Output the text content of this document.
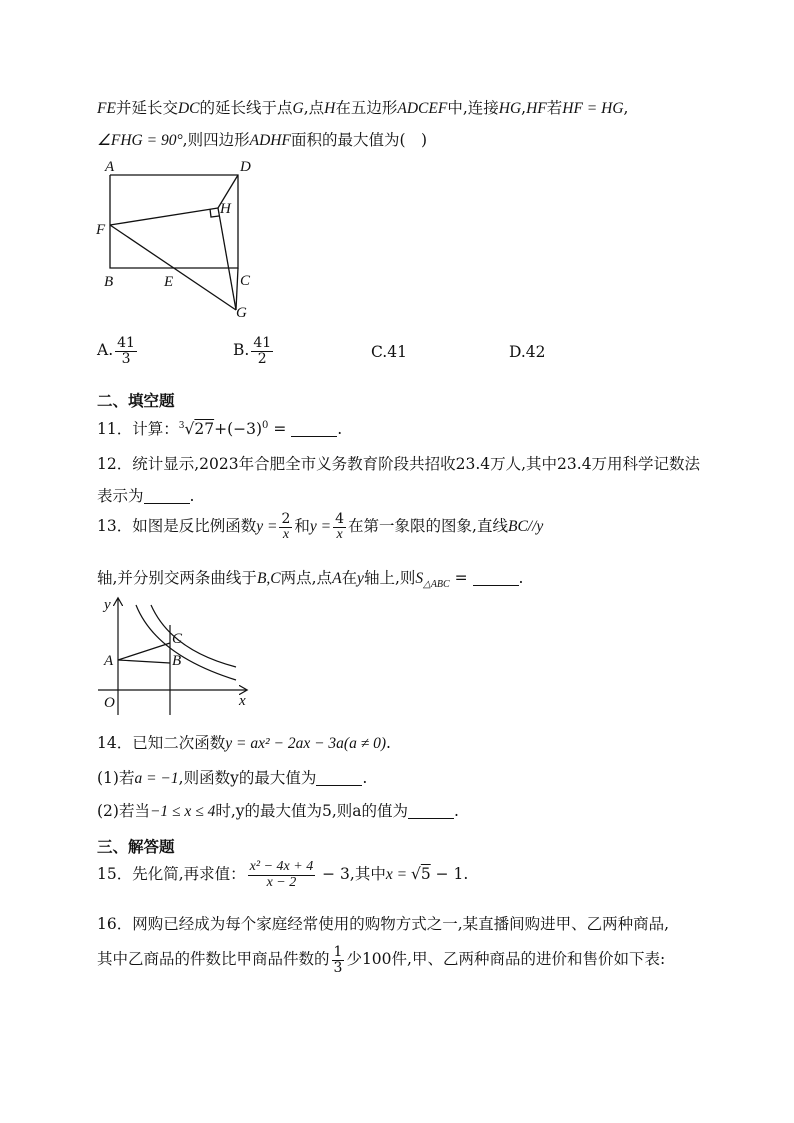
FE并延长交DC的延长线于点G,点H在五边形ADCEF中,连接HG,HF若HF = HG,
∠FHG = 90°,则四边形ADHF面积的最大值为(　)
A	D
H
F
B	E	C
G
A. $\frac{41}{3}$	B. $\frac{41}{2}$	C.41	D.42
二、填空题
11．计算：$^3√27+(-3)^0$ =	.
12．统计显示,2023年合肥全市义务教育阶段共招收23.4万人,其中23.4万用科学记数法
表示为	.
13．如图是反比例函数$y = \frac{2}{x}$ 和$y = \frac{4}{x}$ 在第一象限的图象,直线BC//y
轴,并分别交两条曲线于B,C两点,点A在y轴上,则$S_{\triangle ABC}$ =	.
y
x
O
A	B
C
14．已知二次函数y = ax² − 2ax − 3a(a ≠ 0).
(1)若a = −1,则函数y的最大值为	.
(2)若当−1 ≤ x ≤ 4时,y的最大值为5,则a的值为	.
三、解答题
15．先化简,再求值： $\frac{\text{x² − 4x + 4}}{x - 2} - 3$,其中x = √5 − 1.
16．网购已经成为每个家庭经常使用的购物方式之一,某直播间购进甲、乙两种商品,
其中乙商品的件数比甲商品件数的 $\frac{1}{3}$ 少100件,甲、乙两种商品的进价和售价如下表:
